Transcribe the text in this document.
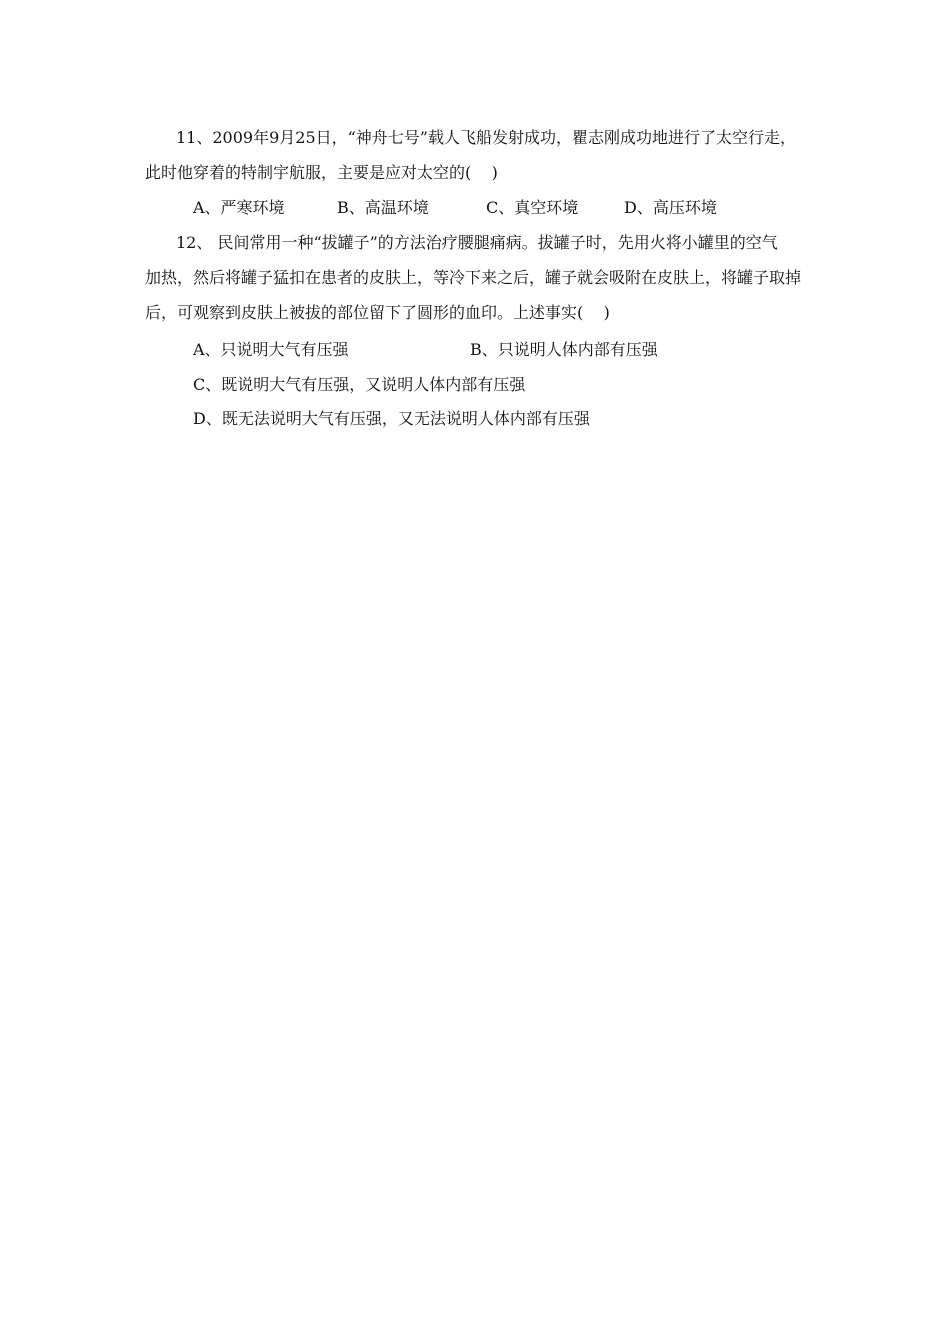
11、2009年9月25日，“神舟七号”载人飞船发射成功，瞿志刚成功地进行了太空行走，
此时他穿着的特制宇航服，主要是应对太空的(    )
A、严寒环境	B、高温环境	C、真空环境	D、高压环境
12、 民间常用一种“拔罐子”的方法治疗腰腿痛病。拔罐子时，先用火将小罐里的空气
加热，然后将罐子猛扣在患者的皮肤上，等冷下来之后，罐子就会吸附在皮肤上，将罐子取掉
后，可观察到皮肤上被拔的部位留下了圆形的血印。上述事实(    )
A、只说明大气有压强	B、只说明人体内部有压强
C、既说明大气有压强，又说明人体内部有压强
D、既无法说明大气有压强，又无法说明人体内部有压强
